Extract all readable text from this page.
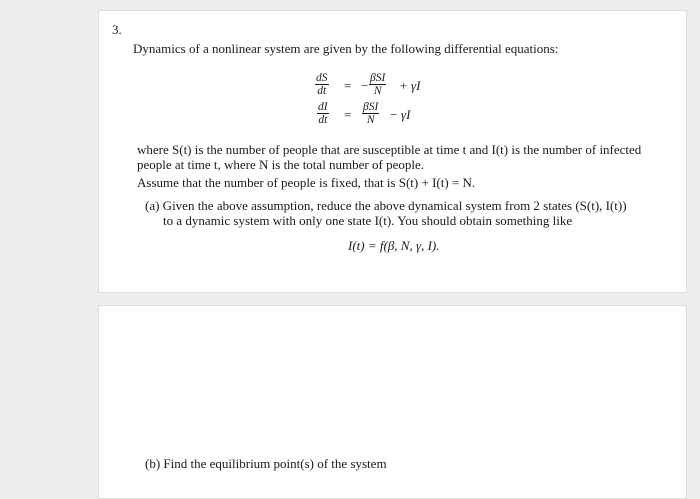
3.
Dynamics of a nonlinear system are given by the following differential equations:
$\frac{dS}{dt}$ = − βSI
N	+ γI
$\frac{dI}{dt} = \beta SI$
N	− γI
where S(t) is the number of people that are susceptible at time t and I(t) is the number of infected
people at time t, where N is the total number of people.
Assume that the number of people is fixed, that is S(t) + I(t) = N.
(a) Given the above assumption, reduce the above dynamical system from 2 states (S(t), I(t))
to a dynamic system with only one state I(t). You should obtain something like
I(t) = f(β, N, γ, I).
(b) Find the equilibrium point(s) of the system
